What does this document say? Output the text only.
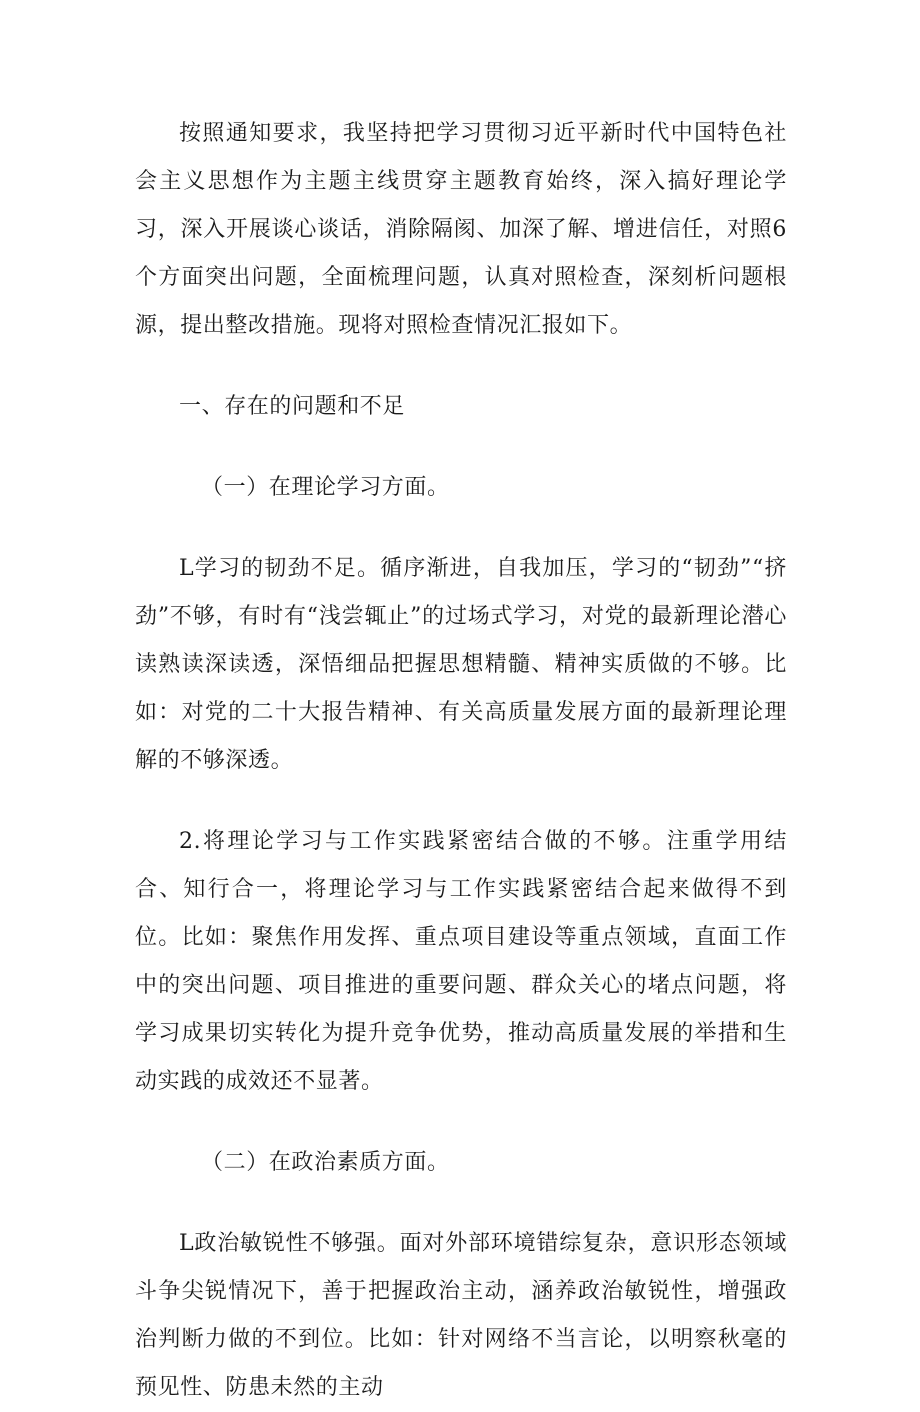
按照通知要求，我坚持把学习贯彻习近平新时代中国特色社会主义思想作为主题主线贯穿主题教育始终，深入搞好理论学习，深入开展谈心谈话，消除隔阂、加深了解、增进信任，对照6个方面突出问题，全面梳理问题，认真对照检查，深刻析问题根源，提出整改措施。现将对照检查情况汇报如下。

一、存在的问题和不足

（一）在理论学习方面。

L学习的韧劲不足。循序渐进，自我加压，学习的“韧劲”“挤劲”不够，有时有“浅尝辄止”的过场式学习，对党的最新理论潜心读熟读深读透，深悟细品把握思想精髓、精神实质做的不够。比如：对党的二十大报告精神、有关高质量发展方面的最新理论理解的不够深透。

2.将理论学习与工作实践紧密结合做的不够。注重学用结合、知行合一，将理论学习与工作实践紧密结合起来做得不到位。比如：聚焦作用发挥、重点项目建设等重点领域，直面工作中的突出问题、项目推进的重要问题、群众关心的堵点问题，将学习成果切实转化为提升竞争优势，推动高质量发展的举措和生动实践的成效还不显著。

（二）在政治素质方面。

L政治敏锐性不够强。面对外部环境错综复杂，意识形态领域斗争尖锐情况下，善于把握政治主动，涵养政治敏锐性，增强政治判断力做的不到位。比如：针对网络不当言论，以明察秋毫的预见性、防患未然的主动
